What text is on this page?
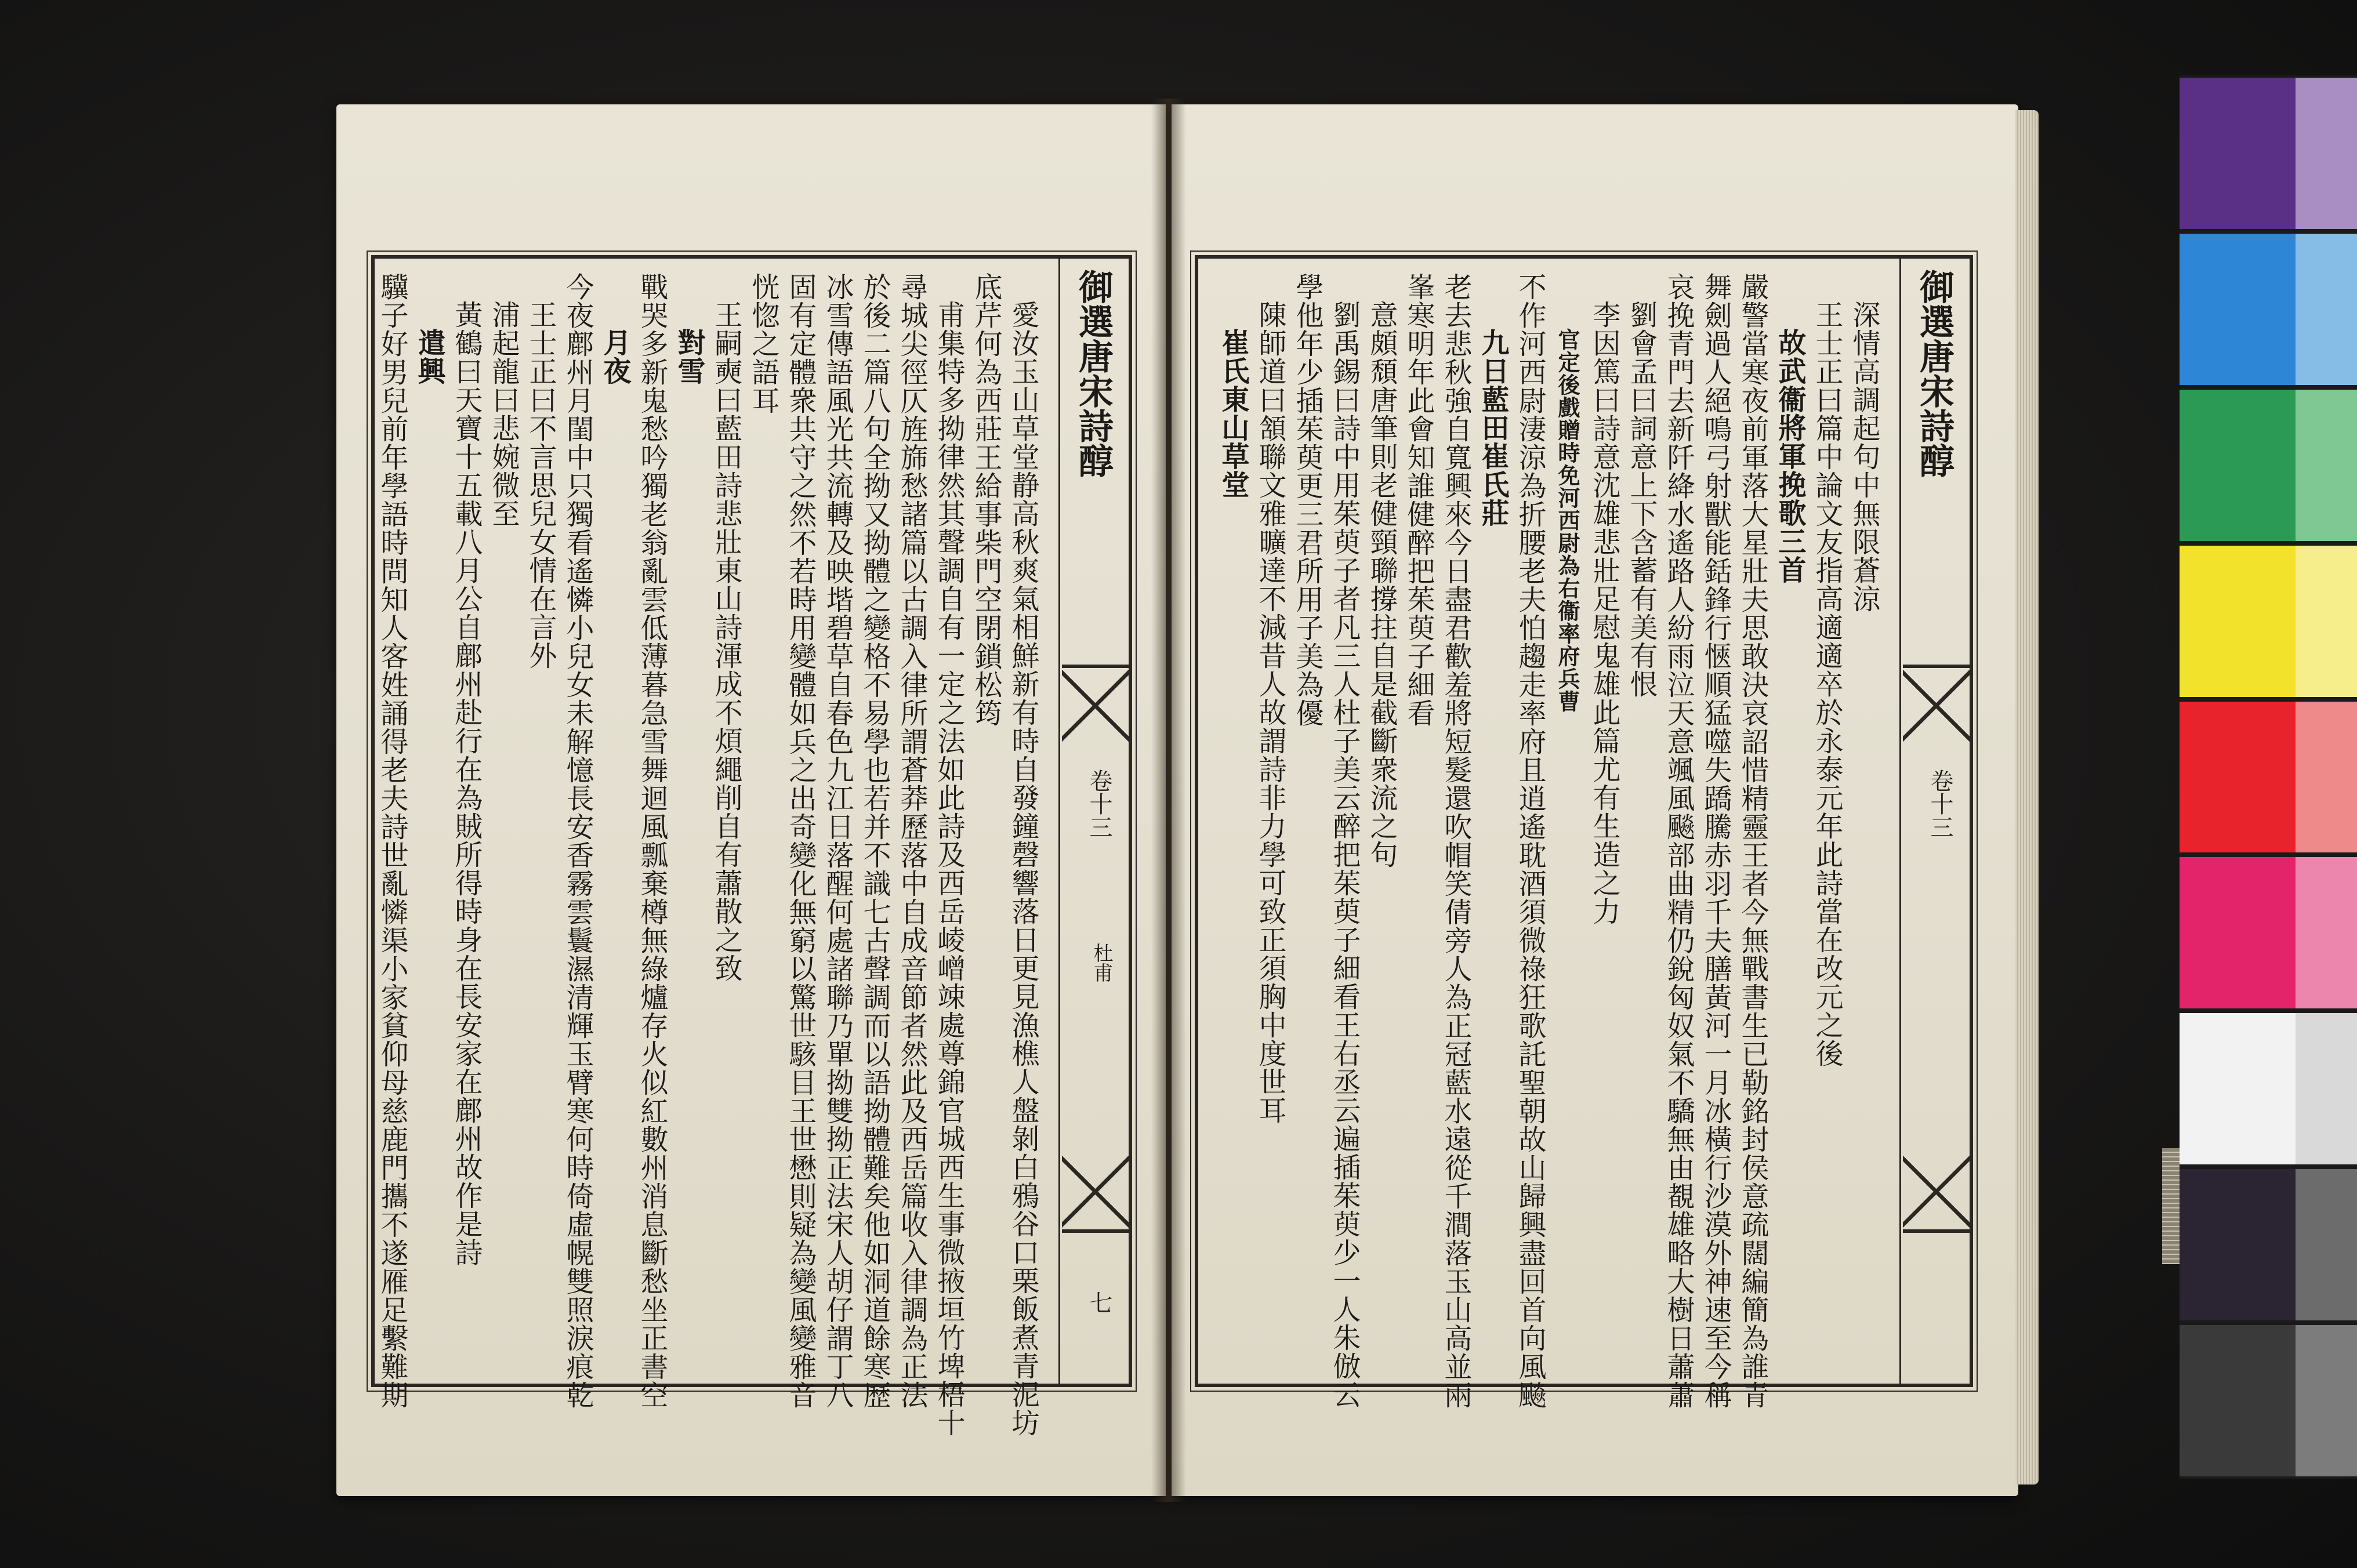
御選唐宋詩醇
卷十三
杜甫
七
愛汝玉山草堂静高秋爽氣相鮮新有時自發鐘磬響落日更見漁樵人盤剝白鴉谷口栗飯煮青泥坊
底芹何為西莊王給事柴門空閉鎖松筠
甫集特多拗律然其聲調自有一定之法如此詩及西岳崚嶒竦處尊錦官城西生事微掖垣竹埤梧十
尋城尖徑仄旌旆愁諸篇以古調入律所謂蒼莽歷落中自成音節者然此及西岳篇收入律調為正法
於後二篇八句全拗又拗體之變格不易學也若并不識七古聲調而以語拗體難矣他如洞道餘寒歷
冰雪傳語風光共流轉及映堦碧草自春色九江日落醒何處諸聯乃單拗雙拗正法宋人胡仔謂丁八
固有定體衆共守之然不若時用變體如兵之出奇變化無窮以驚世駭目王世懋則疑為變風變雅音
恍惚之語耳
王嗣奭曰藍田詩悲壯東山詩渾成不煩繩削自有蕭散之致
對雪
戰哭多新鬼愁吟獨老翁亂雲低薄暮急雪舞迴風瓢棄樽無綠爐存火似紅數州消息斷愁坐正書空
月夜
今夜鄜州月閨中只獨看遙憐小兒女未解憶長安香霧雲鬟濕清輝玉臂寒何時倚虛幌雙照淚痕乾
王士正曰不言思兒女情在言外
浦起龍曰悲婉微至
黃鶴曰天寶十五載八月公自鄜州赴行在為賊所得時身在長安家在鄜州故作是詩
遣興
驥子好男兒前年學語時問知人客姓誦得老夫詩世亂憐渠小家貧仰母慈鹿門攜不遂雁足繫難期	御選唐宋詩醇
卷十三
深情高調起句中無限蒼涼
王士正曰篇中論文友指高適適卒於永泰元年此詩當在改元之後
故武衞將軍挽歌三首
嚴警當寒夜前軍落大星壯夫思敢決哀詔惜精靈王者今無戰書生已勒銘封侯意疏闊編簡為誰青
舞劍過人絕鳴弓射獸能銛鋒行愜順猛噬失蹻騰赤羽千夫膳黃河一月冰橫行沙漠外神速至今稱
哀挽青門去新阡絳水遙路人紛雨泣天意颯風飈部曲精仍銳匈奴氣不驕無由覩雄略大樹日蕭蕭
劉會孟曰詞意上下含蓄有美有恨
李因篤曰詩意沈雄悲壯足慰鬼雄此篇尤有生造之力
官定後戲贈時免河西尉為右衞率府兵曹
不作河西尉淒涼為折腰老夫怕趨走率府且逍遙耽酒須微祿狂歌託聖朝故山歸興盡回首向風飈
九日藍田崔氏莊
老去悲秋強自寬興來今日盡君歡羞將短髮還吹帽笑倩旁人為正冠藍水遠從千澗落玉山高並兩
峯寒明年此會知誰健醉把茱萸子細看
意頗頹唐筆則老健頸聯撐拄自是截斷衆流之句
劉禹錫曰詩中用茱萸子者凡三人杜子美云醉把茱萸子細看王右丞云遍插茱萸少一人朱倣云
學他年少插茱萸更三君所用子美為優
陳師道曰頷聯文雅曠達不減昔人故謂詩非力學可致正須胸中度世耳
崔氏東山草堂
